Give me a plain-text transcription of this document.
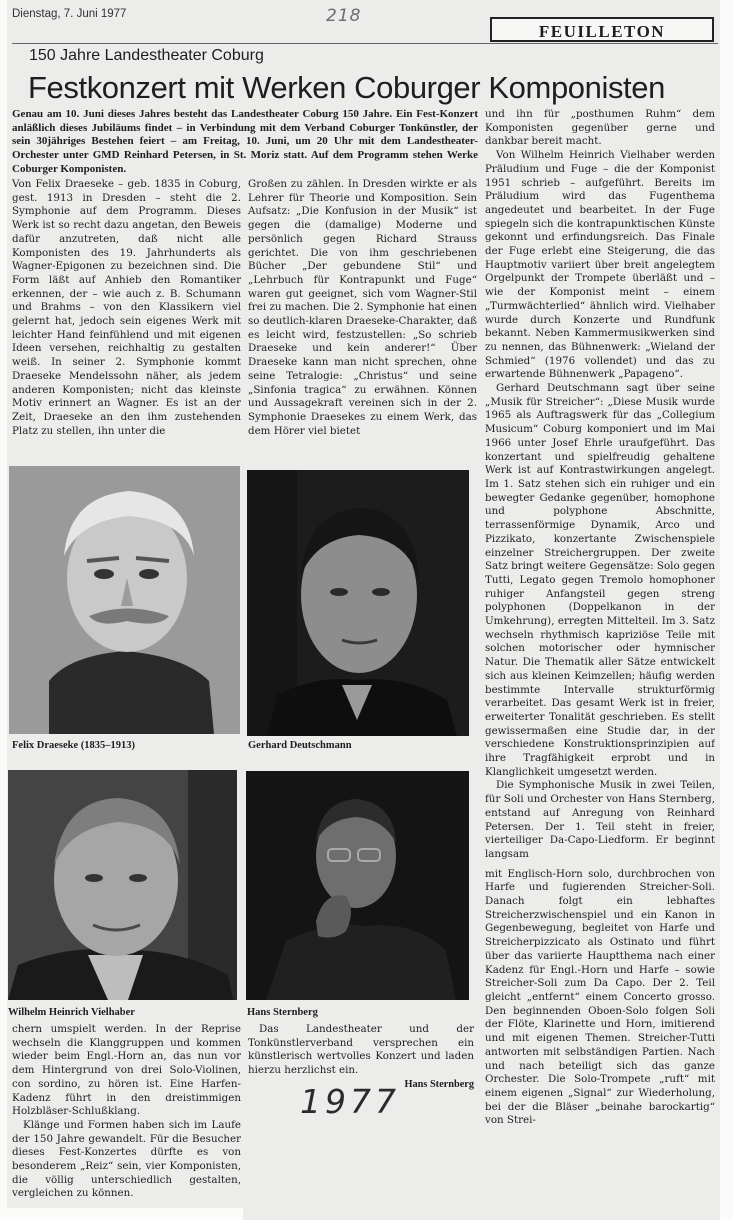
Dienstag, 7. Juni 1977	218
FEUILLETON
150 Jahre Landestheater Coburg
Festkonzert mit Werken Coburger Komponisten
Genau am 10. Juni dieses Jahres besteht das Landestheater Coburg 150 Jahre. Ein Fest-Konzert anläßlich dieses Jubiläums findet – in Verbindung mit dem Verband Coburger Tonkünstler, der sein 30jähriges Bestehen feiert – am Freitag, 10. Juni, um 20 Uhr mit dem Landestheater-Orchester unter GMD Reinhard Petersen, in St. Moriz statt. Auf dem Programm stehen Werke Coburger Komponisten.

Von Felix Draeseke – geb. 1835 in Coburg, gest. 1913 in Dresden – steht die 2. Symphonie auf dem Programm. Dieses Werk ist so recht dazu angetan, den Beweis dafür anzutreten, daß nicht alle Komponisten des 19. Jahrhunderts als Wagner-Epigonen zu bezeichnen sind. Die Form läßt auf Anhieb den Romantiker erkennen, der – wie auch z. B. Schumann und Brahms – von den Klassikern viel gelernt hat, jedoch sein eigenes Werk mit leichter Hand feinfühlend und mit eigenen Ideen versehen, reichhaltig zu gestalten weiß. In seiner 2. Symphonie kommt Draeseke Mendelssohn näher, als jedem anderen Komponisten; nicht das kleinste Motiv erinnert an Wagner. Es ist an der Zeit, Draeseke an den ihm zustehenden Platz zu stellen, ihn unter die

Großen zu zählen. In Dresden wirkte er als Lehrer für Theorie und Komposition. Sein Aufsatz: „Die Konfusion in der Musik“ ist gegen die (damalige) Moderne und persönlich gegen Richard Strauss gerichtet. Die von ihm geschriebenen Bücher „Der gebundene Stil“ und „Lehrbuch für Kontrapunkt und Fuge“ waren gut geeignet, sich vom Wagner-Stil frei zu machen. Die 2. Symphonie hat einen so deutlich-klaren Draeseke-Charakter, daß es leicht wird, festzustellen: „So schrieb Draeseke und kein anderer!“ Über Draeseke kann man nicht sprechen, ohne seine Tetralogie: „Christus“ und seine „Sinfonia tragica“ zu erwähnen. Können und Aussagekraft vereinen sich in der 2. Symphonie Draesekes zu einem Werk, das dem Hörer viel bietet

und ihn für „posthumen Ruhm“ dem Komponisten gegenüber gerne und dankbar bereit macht.

Von Wilhelm Heinrich Vielhaber werden Präludium und Fuge – die der Komponist 1951 schrieb – aufgeführt. Bereits im Präludium wird das Fugenthema angedeutet und bearbeitet. In der Fuge spiegeln sich die kontrapunktischen Künste gekonnt und erfindungsreich. Das Finale der Fuge erlebt eine Steigerung, die das Hauptmotiv variiert über breit angelegtem Orgelpunkt der Trompete überläßt und – wie der Komponist meint – einem „Turmwächterlied“ ähnlich wird. Vielhaber wurde durch Konzerte und Rundfunk bekannt. Neben Kammermusikwerken sind zu nennen, das Bühnenwerk: „Wieland der Schmied“ (1976 vollendet) und das zu erwartende Bühnenwerk „Papageno“.

Gerhard Deutschmann sagt über seine „Musik für Streicher“: „Diese Musik wurde 1965 als Auftragswerk für das „Collegium Musicum“ Coburg komponiert und im Mai 1966 unter Josef Ehrle uraufgeführt. Das konzertant und spielfreudig gehaltene Werk ist auf Kontrastwirkungen angelegt. Im 1. Satz stehen sich ein ruhiger und ein bewegter Gedanke gegenüber, homophone und polyphone Abschnitte, terrassenförmige Dynamik, Arco und Pizzikato, konzertante Zwischenspiele einzelner Streichergruppen. Der zweite Satz bringt weitere Gegensätze: Solo gegen Tutti, Legato gegen Tremolo homophoner ruhiger Anfangsteil gegen streng polyphonen (Doppelkanon in der Umkehrung), erregten Mittelteil. Im 3. Satz wechseln rhythmisch kapriziöse Teile mit solchen motorischer oder hymnischer Natur. Die Thematik aller Sätze entwickelt sich aus kleinen Keimzellen; häufig werden bestimmte Intervalle strukturförmig verarbeitet. Das gesamt Werk ist in freier, erweiterter Tonalität geschrieben. Es stellt gewissermaßen eine Studie dar, in der verschiedene Konstruktionsprinzipien auf ihre Tragfähigkeit erprobt und in Klanglichkeit umgesetzt werden.

Die Symphonische Musik in zwei Teilen, für Soli und Orchester von Hans Sternberg, entstand auf Anregung von Reinhard Petersen. Der 1. Teil steht in freier, vierteiliger Da-Capo-Liedform. Er beginnt langsam

mit Englisch-Horn solo, durchbrochen von Harfe und fugierenden Streicher-Soli. Danach folgt ein lebhaftes Streicherzwischenspiel und ein Kanon in Gegenbewegung, begleitet von Harfe und Streicherpizzicato als Ostinato und führt über das variierte Hauptthema nach einer Kadenz für Engl.-Horn und Harfe – sowie Streicher-Soli zum Da Capo. Der 2. Teil gleicht „entfernt“ einem Concerto grosso. Den beginnenden Oboen-Solo folgen Soli der Flöte, Klarinette und Horn, imitierend und mit eigenen Themen. Streicher-Tutti antworten mit selbständigen Partien. Nach und nach beteiligt sich das ganze Orchester. Die Solo-Trompete „ruft“ mit einem eigenen „Signal“ zur Wiederholung, bei der die Bläser „beinahe barockartig“ von Strei-

Felix Draeseke (1835–1913)	Gerhard Deutschmann
Wilhelm Heinrich Vielhaber	Hans Sternberg

chern umspielt werden. In der Reprise wechseln die Klanggruppen und kommen wieder beim Engl.-Horn an, das nun vor dem Hintergrund von drei Solo-Violinen, con sordino, zu hören ist. Eine Harfen-Kadenz führt in den dreistimmigen Holzbläser-Schlußklang.

Klänge und Formen haben sich im Laufe der 150 Jahre gewandelt. Für die Besucher dieses Fest-Konzertes dürfte es von besonderem „Reiz“ sein, vier Komponisten, die völlig unterschiedlich gestalten, vergleichen zu können.

Das Landestheater und der Tonkünstlerverband versprechen ein künstlerisch wertvolles Konzert und laden hierzu herzlichst ein.

Hans Sternberg
1977
